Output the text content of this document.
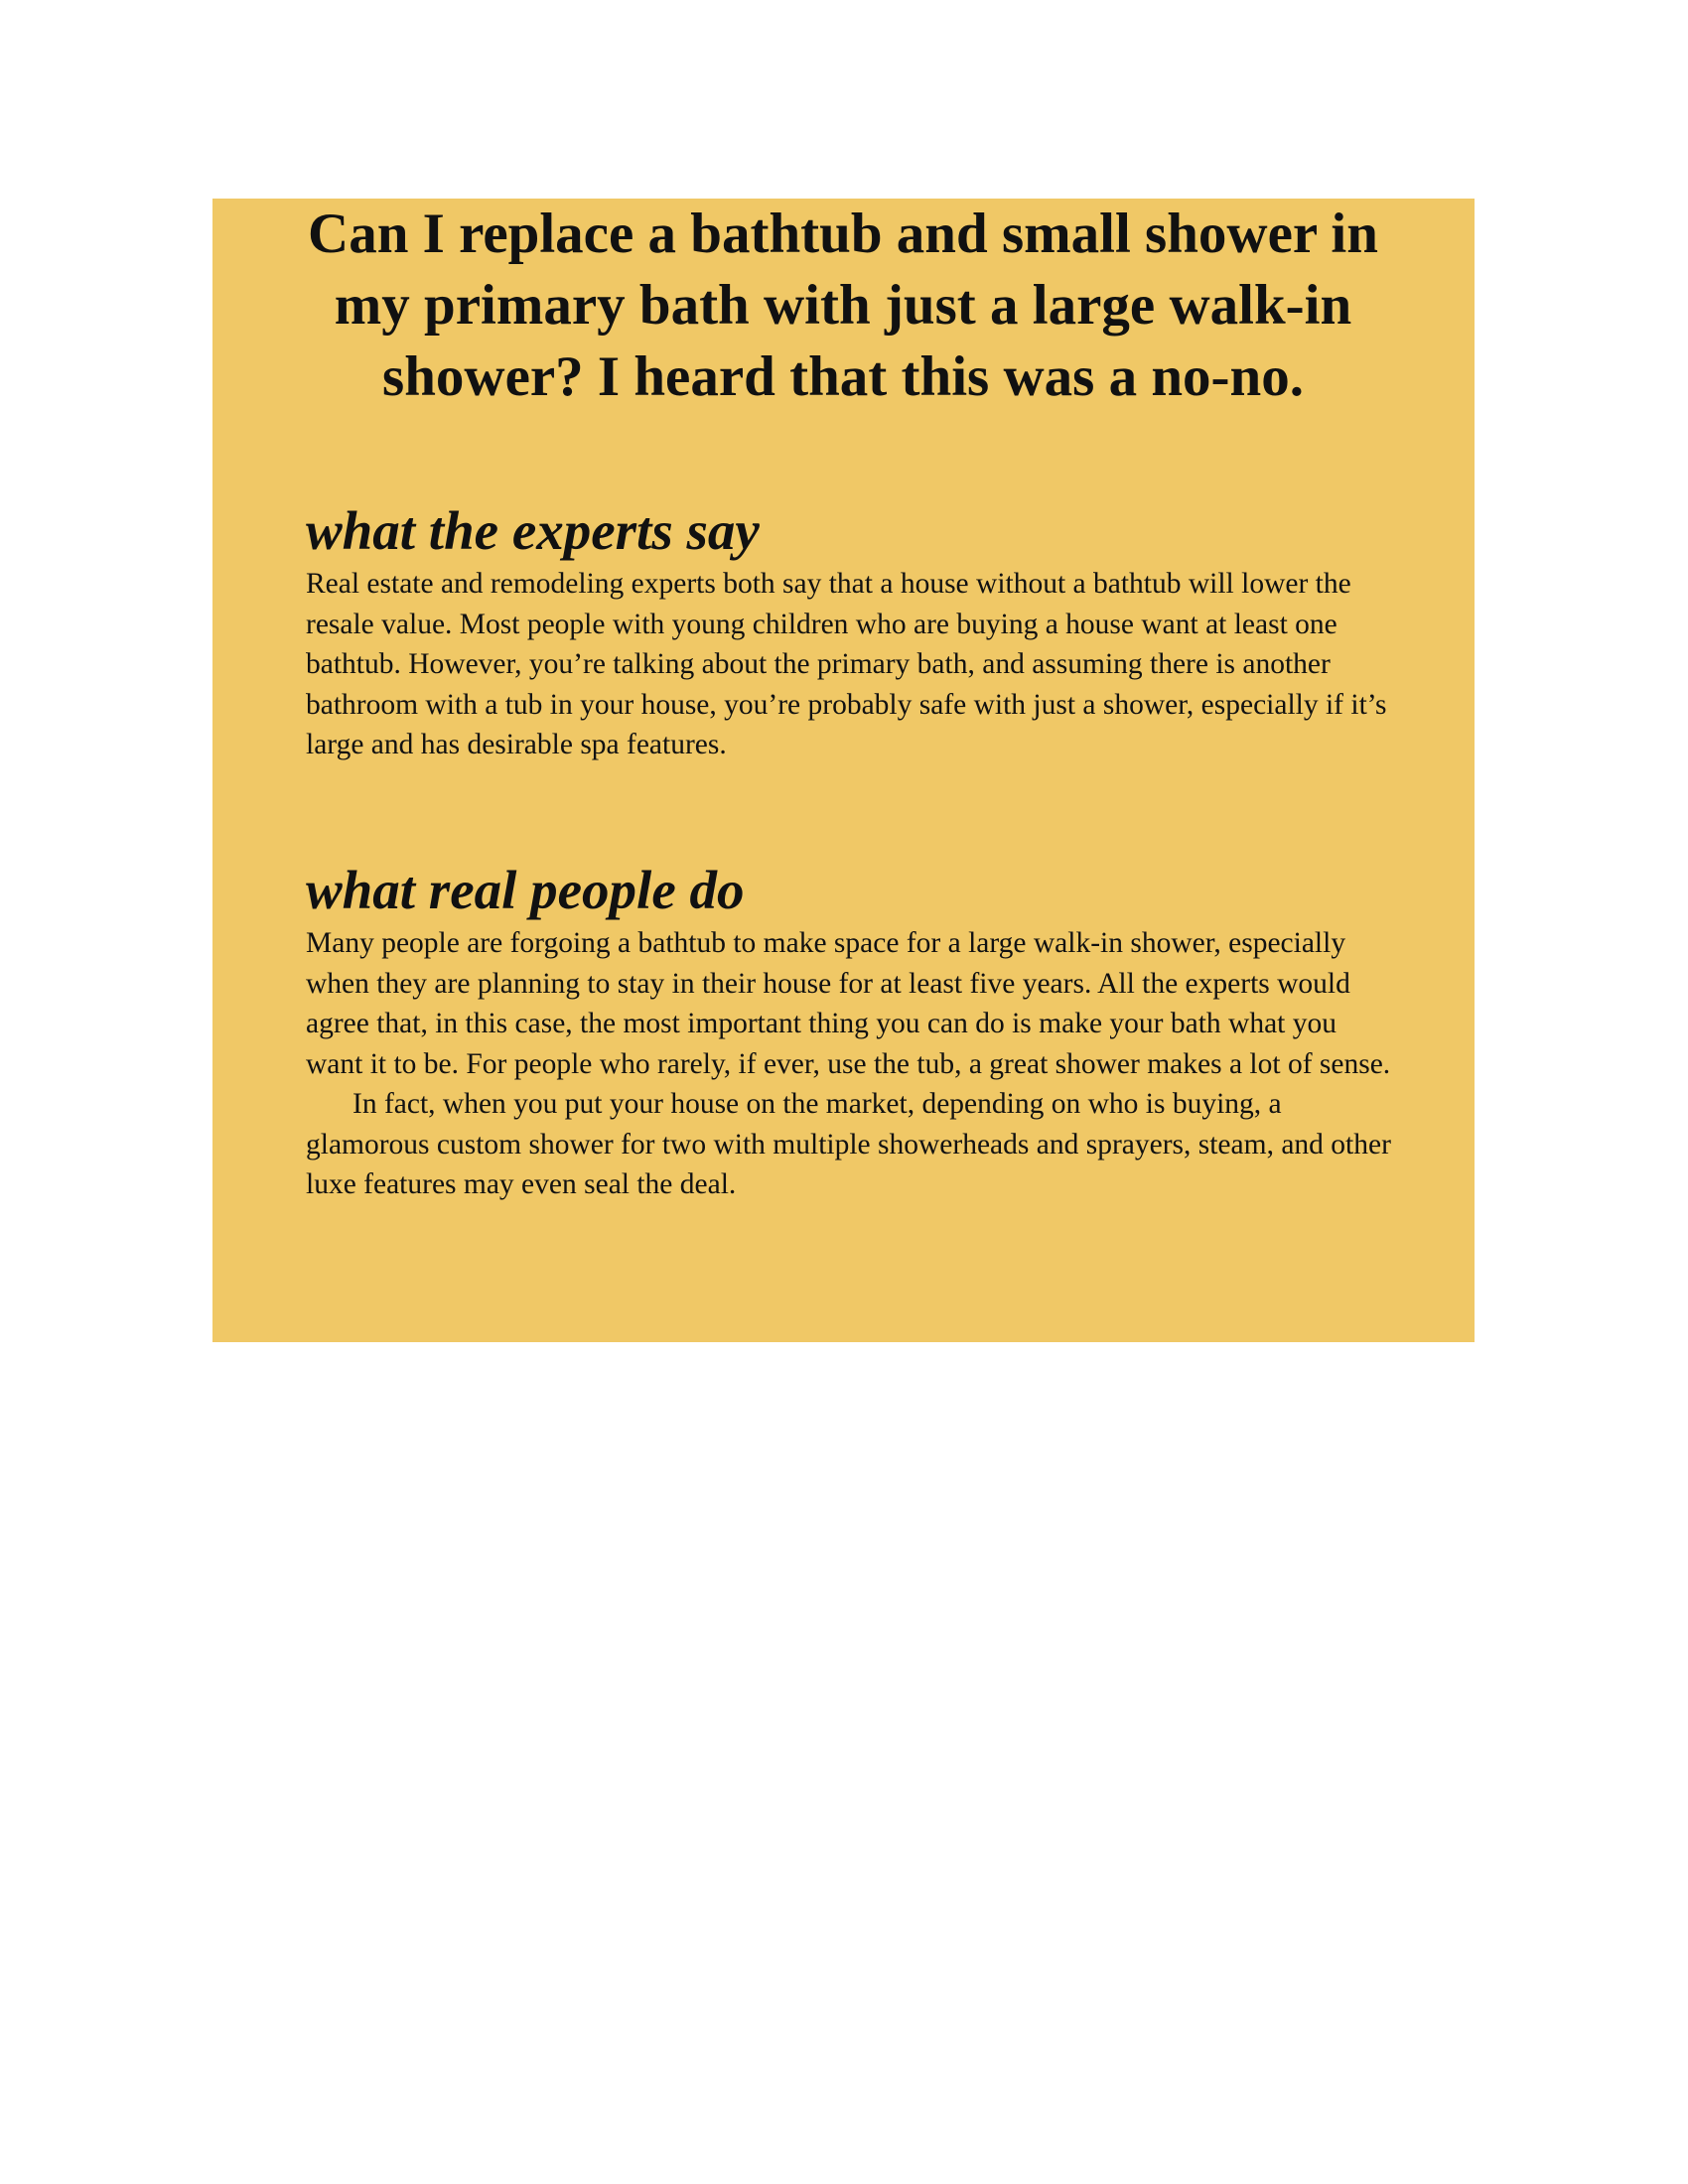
Can I replace a bathtub and small shower in my primary bath with just a large walk-in shower? I heard that this was a no-no.
what the experts say

Real estate and remodeling experts both say that a house without a bathtub will lower the resale value. Most people with young children who are buying a house want at least one bathtub. However, you’re talking about the primary bath, and assuming there is another bathroom with a tub in your house, you’re probably safe with just a shower, especially if it’s large and has desirable spa features.

what real people do

Many people are forgoing a bathtub to make space for a large walk-in shower, especially when they are planning to stay in their house for at least five years. All the experts would agree that, in this case, the most important thing you can do is make your bath what you want it to be. For people who rarely, if ever, use the tub, a great shower makes a lot of sense.

In fact, when you put your house on the market, depending on who is buying, a glamorous custom shower for two with multiple showerheads and sprayers, steam, and other luxe features may even seal the deal.
